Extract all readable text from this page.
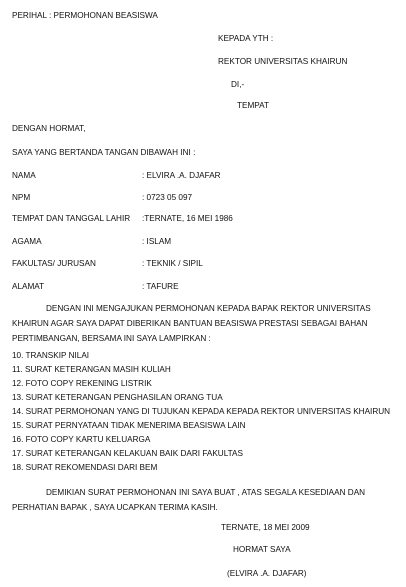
PERIHAL : PERMOHONAN BEASISWA
KEPADA YTH :
REKTOR UNIVERSITAS KHAIRUN
DI,-
TEMPAT
DENGAN HORMAT,
SAYA YANG BERTANDA TANGAN DIBAWAH INI :
NAMA	: ELVIRA .A. DJAFAR
NPM	: 0723 05 097
TEMPAT DAN TANGGAL LAHIR :TERNATE, 16 MEI 1986
AGAMA	: ISLAM
FAKULTAS/ JURUSAN	: TEKNIK / SIPIL
ALAMAT	: TAFURE
DENGAN INI MENGAJUKAN PERMOHONAN KEPADA BAPAK REKTOR UNIVERSITAS
KHAIRUN AGAR SAYA DAPAT DIBERIKAN BANTUAN BEASISWA PRESTASI SEBAGAI BAHAN
PERTIMBANGAN, BERSAMA INI SAYA LAMPIRKAN :
10. TRANSKIP NILAI
11. SURAT KETERANGAN MASIH KULIAH
12. FOTO COPY REKENING LISTRIK
13. SURAT KETERANGAN PENGHASILAN ORANG TUA
14. SURAT PERMOHONAN YANG DI TUJUKAN KEPADA KEPADA REKTOR UNIVERSITAS KHAIRUN
15. SURAT PERNYATAAN TIDAK MENERIMA BEASISWA LAIN
16. FOTO COPY KARTU KELUARGA
17. SURAT KETERANGAN KELAKUAN BAIK DARI FAKULTAS
18. SURAT REKOMENDASI DARI BEM
DEMIKIAN SURAT PERMOHONAN INI SAYA BUAT , ATAS SEGALA KESEDIAAN DAN
PERHATIAN BAPAK , SAYA UCAPKAN TERIMA KASIH.
TERNATE, 18 MEI 2009
HORMAT SAYA
(ELVIRA .A. DJAFAR)
